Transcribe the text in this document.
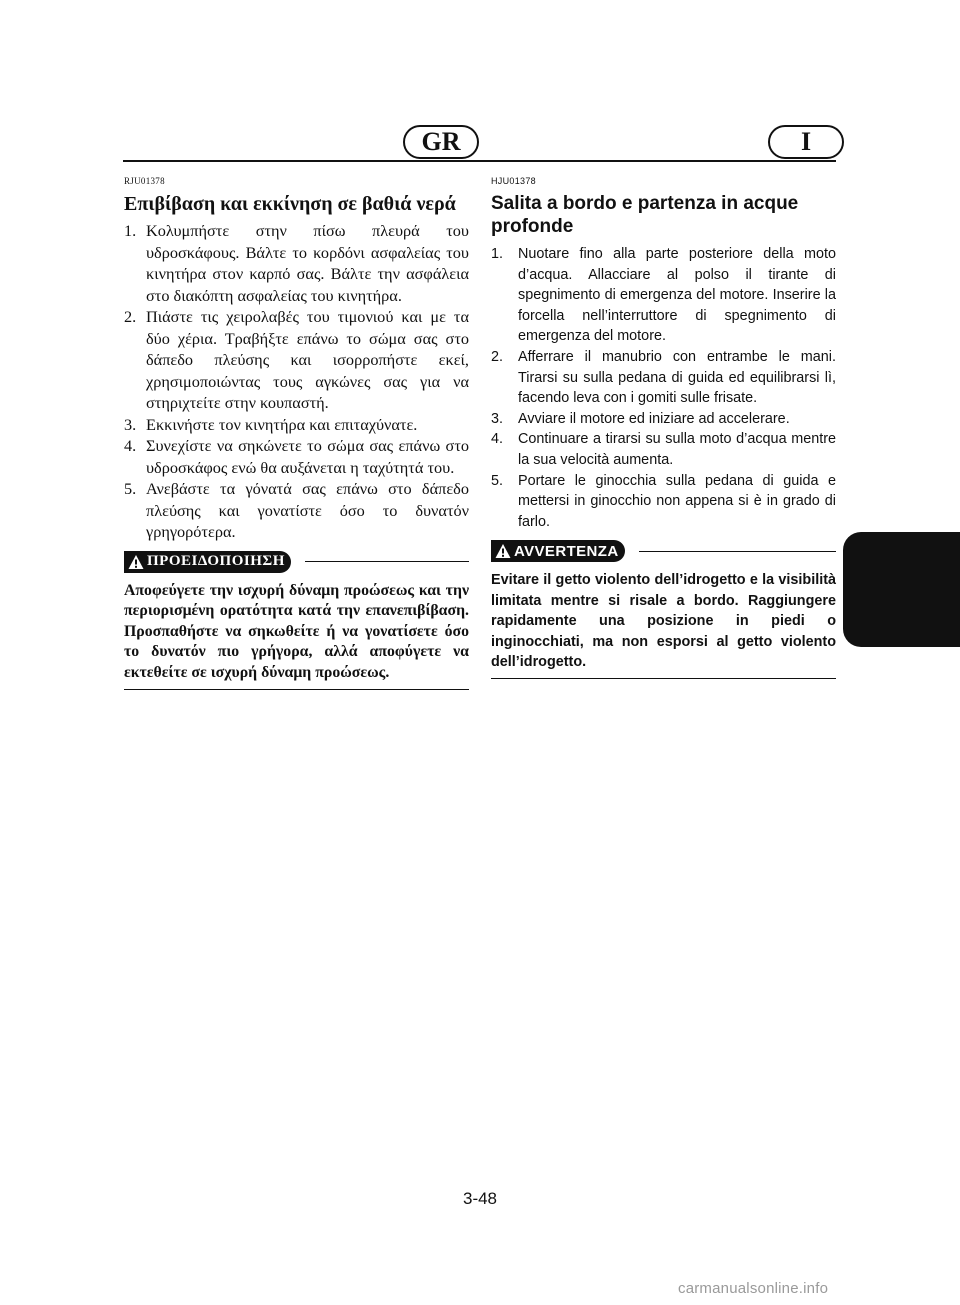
GR	I
RJU01378
Επιβίβαση και εκκίνηση σε βαθιά νερά
1. Κολυμπήστε στην πίσω πλευρά του υδροσκάφους. Βάλτε το κορδόνι ασφαλείας του κινητήρα στον καρπό σας. Βάλτε την ασφάλεια στο διακόπτη ασφαλείας του κινητήρα.
2. Πιάστε τις χειρολαβές του τιμονιού και με τα δύο χέρια. Τραβήξτε επάνω το σώμα σας στο δάπεδο πλεύσης και ισορροπήστε εκεί, χρησιμοποιώντας τους αγκώνες σας για να στηριχτείτε στην κουπαστή.
3. Εκκινήστε τον κινητήρα και επιταχύνατε.
4. Συνεχίστε να σηκώνετε το σώμα σας επάνω στο υδροσκάφος ενώ θα αυξάνεται η ταχύτητά του.
5. Ανεβάστε τα γόνατά σας επάνω στο δάπεδο πλεύσης και γονατίστε όσο το δυνατόν γρηγορότερα.
ΠΡΟΕΙΔΟΠΟΙΗΣΗ
Αποφεύγετε την ισχυρή δύναμη προώσεως και την περιορισμένη ορατότητα κατά την επανεπιβίβαση. Προσπαθήστε να σηκωθείτε ή να γονατίσετε όσο το δυνατόν πιο γρήγορα, αλλά αποφύγετε να εκτεθείτε σε ισχυρή δύναμη προώσεως.
HJU01378
Salita a bordo e partenza in acque profonde
1.	Nuotare fino alla parte posteriore della moto d’acqua. Allacciare al polso il tirante di spegnimento di emergenza del motore. Inserire la forcella nell’interruttore di spegnimento di emergenza del motore.
2.	Afferrare il manubrio con entrambe le mani. Tirarsi su sulla pedana di guida ed equilibrarsi lì, facendo leva con i gomiti sulle frisate.
3.	Avviare il motore ed iniziare ad accelerare.
4.	Continuare a tirarsi su sulla moto d’acqua mentre la sua velocità aumenta.
5.	Portare le ginocchia sulla pedana di guida e mettersi in ginocchio non appena si è in grado di farlo.
AVVERTENZA
Evitare il getto violento dell’idrogetto e la visibilità limitata mentre si risale a bordo. Raggiungere rapidamente una posizione in piedi o inginocchiati, ma non esporsi al getto violento dell’idrogetto.
3-48
carmanualsonline.info
